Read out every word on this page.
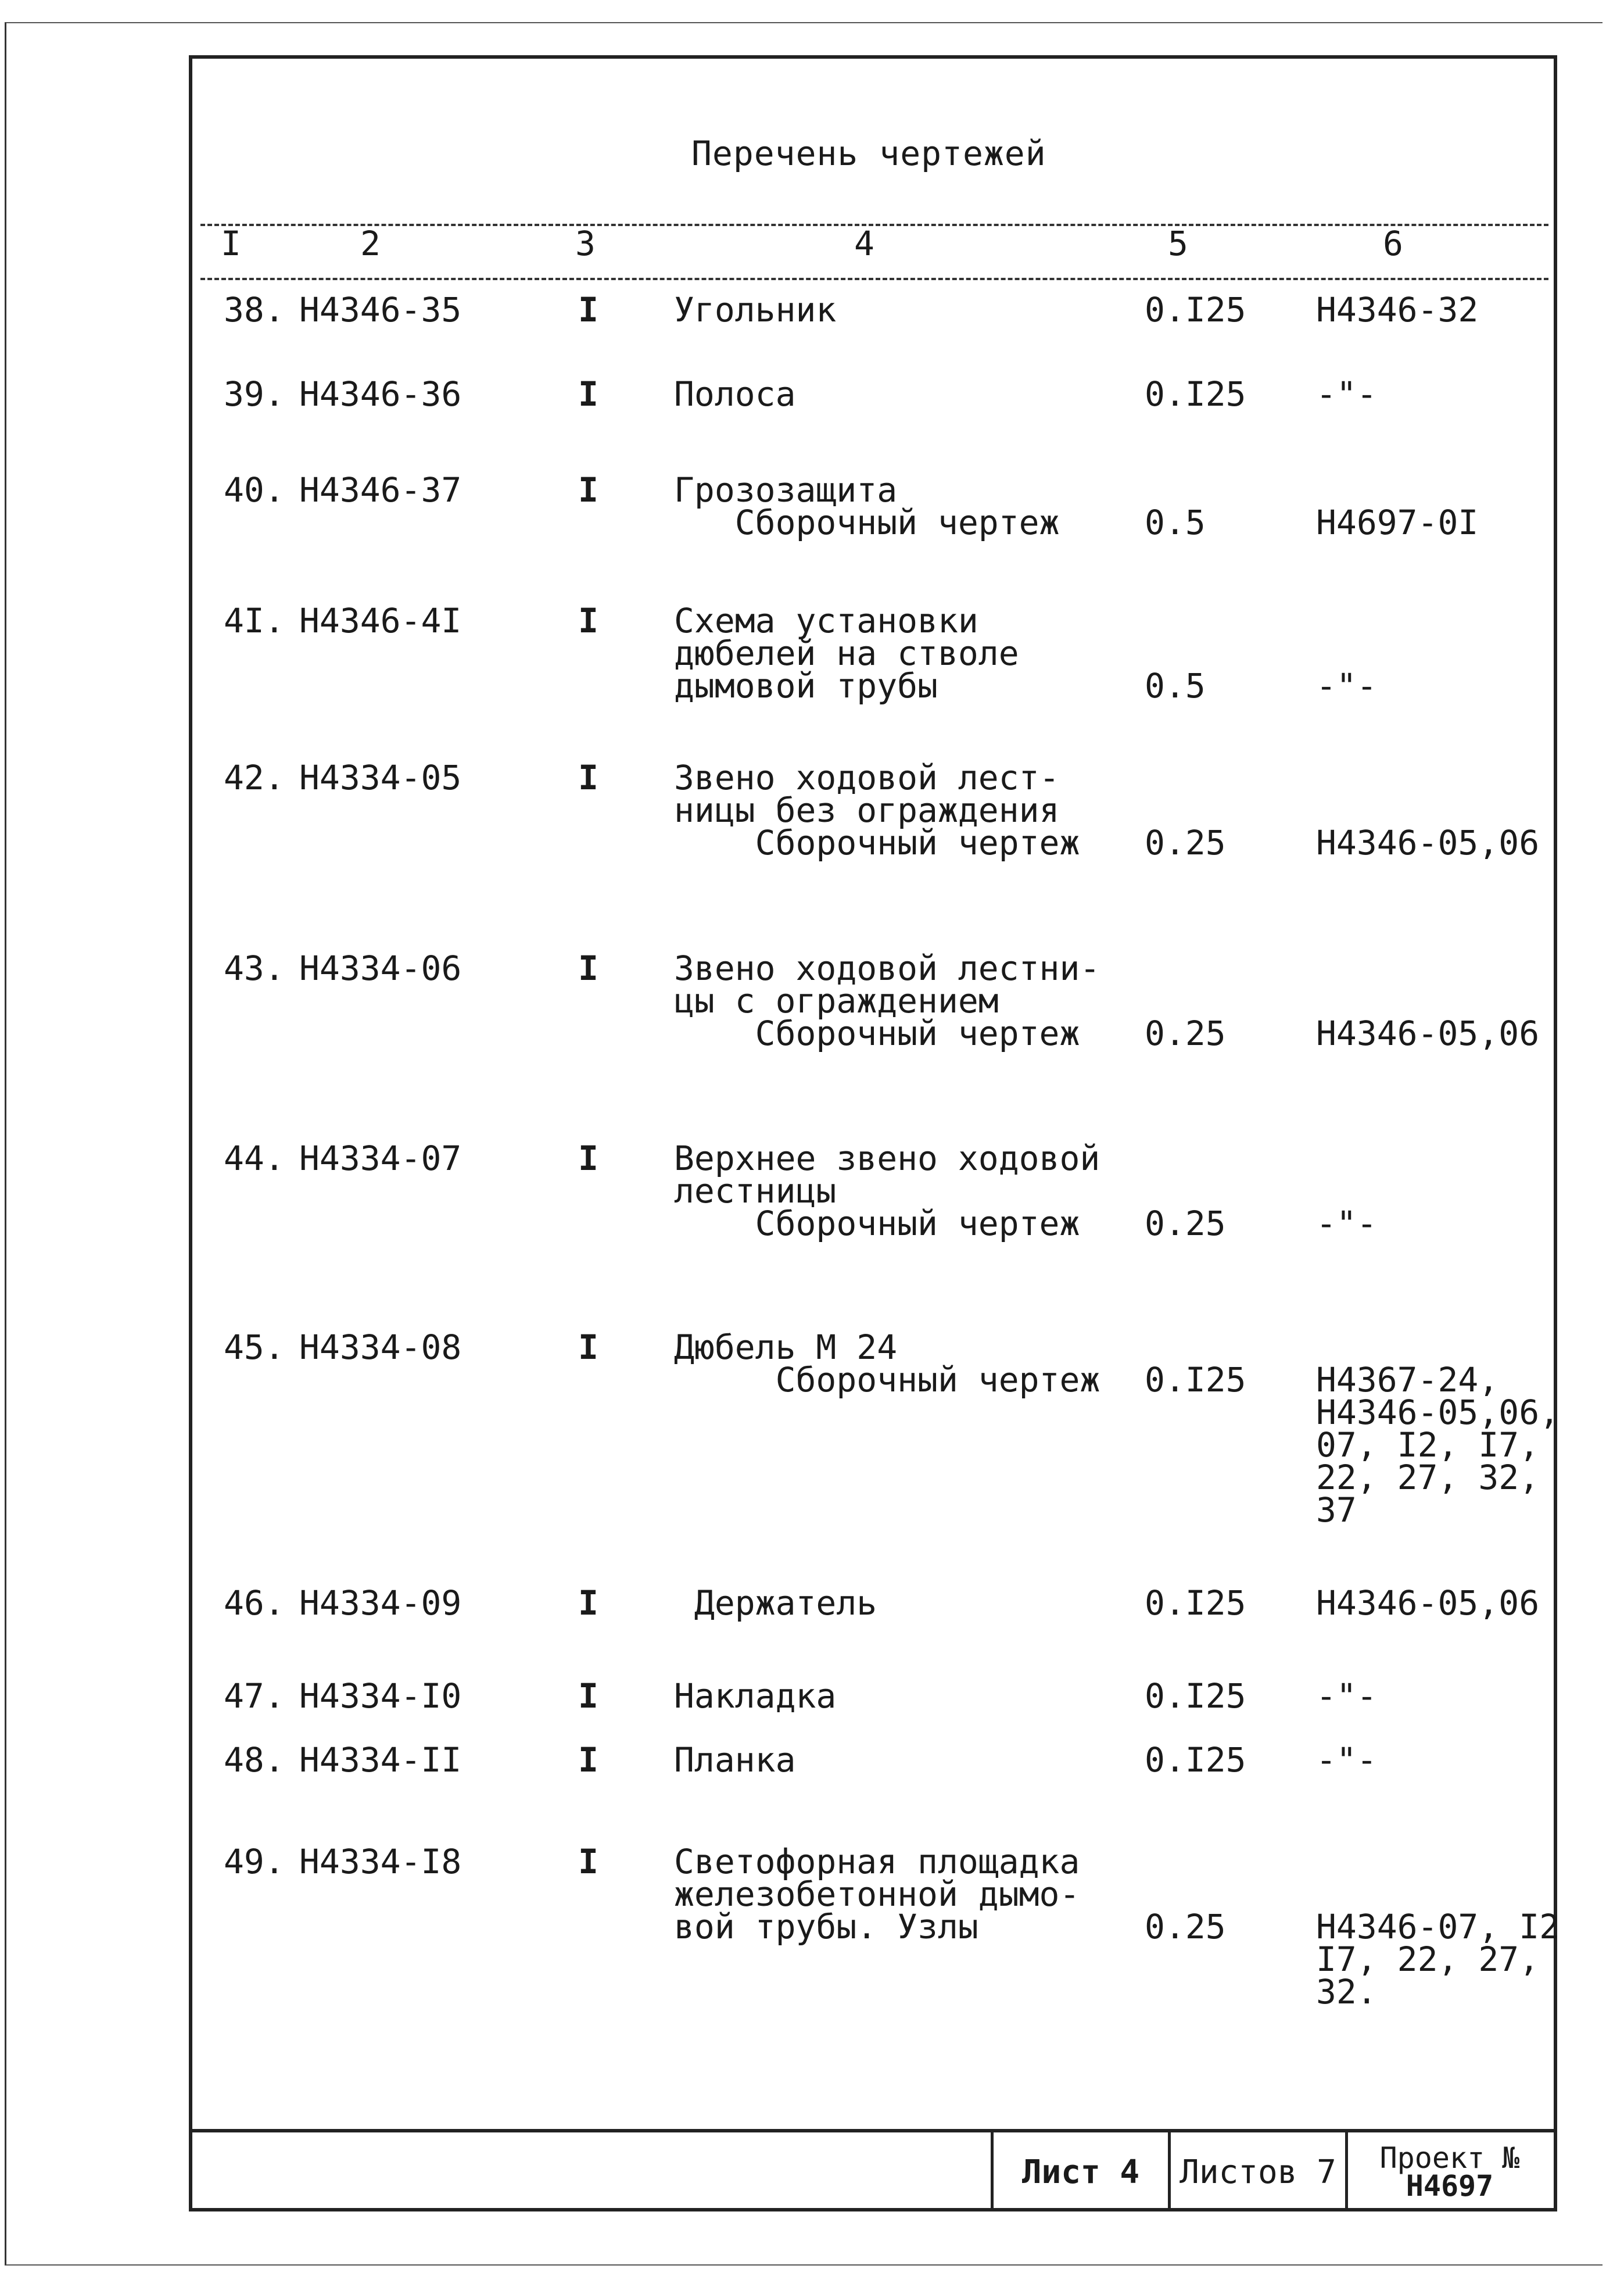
Перечень чертежей
I	2	3	4	5	6
38. Н4346-35	I Угольник	0.I25 Н4346-32
39. Н4346-36	I Полоса	0.I25 -"-
40. Н4346-37	I Грозозащита
Сборочный чертеж	0.5	Н4697-0I
4I. Н4346-4I	I Схема установки
дюбелей на стволе
дымовой трубы	0.5	-"-
42. Н4334-05	I Звено ходовой лест-
ницы без ограждения
Сборочный чертеж 0.25	Н4346-05,06
43. Н4334-06	I Звено ходовой лестни-
цы с ограждением
Сборочный чертеж 0.25	Н4346-05,06
44. Н4334-07	I Верхнее звено ходовой
лестницы
Сборочный чертеж 0.25	-"-
45. Н4334-08	I Дюбель М 24
Сборочный чертеж 0.I25 Н4367-24,
Н4346-05,06,
07, I2, I7,
22, 27, 32,
37
46. Н4334-09	I Держатель	0.I25 Н4346-05,06
47. Н4334-I0	I Накладка	0.I25 -"-
48. Н4334-II	I Планка	0.I25 -"-
49. Н4334-I8	I Светофорная площадка
железобетонной дымо-
вой трубы. Узлы	0.25	Н4346-07, I2
I7, 22, 27,
32.
Лист 4	Листов 7	Проект №
Н4697
